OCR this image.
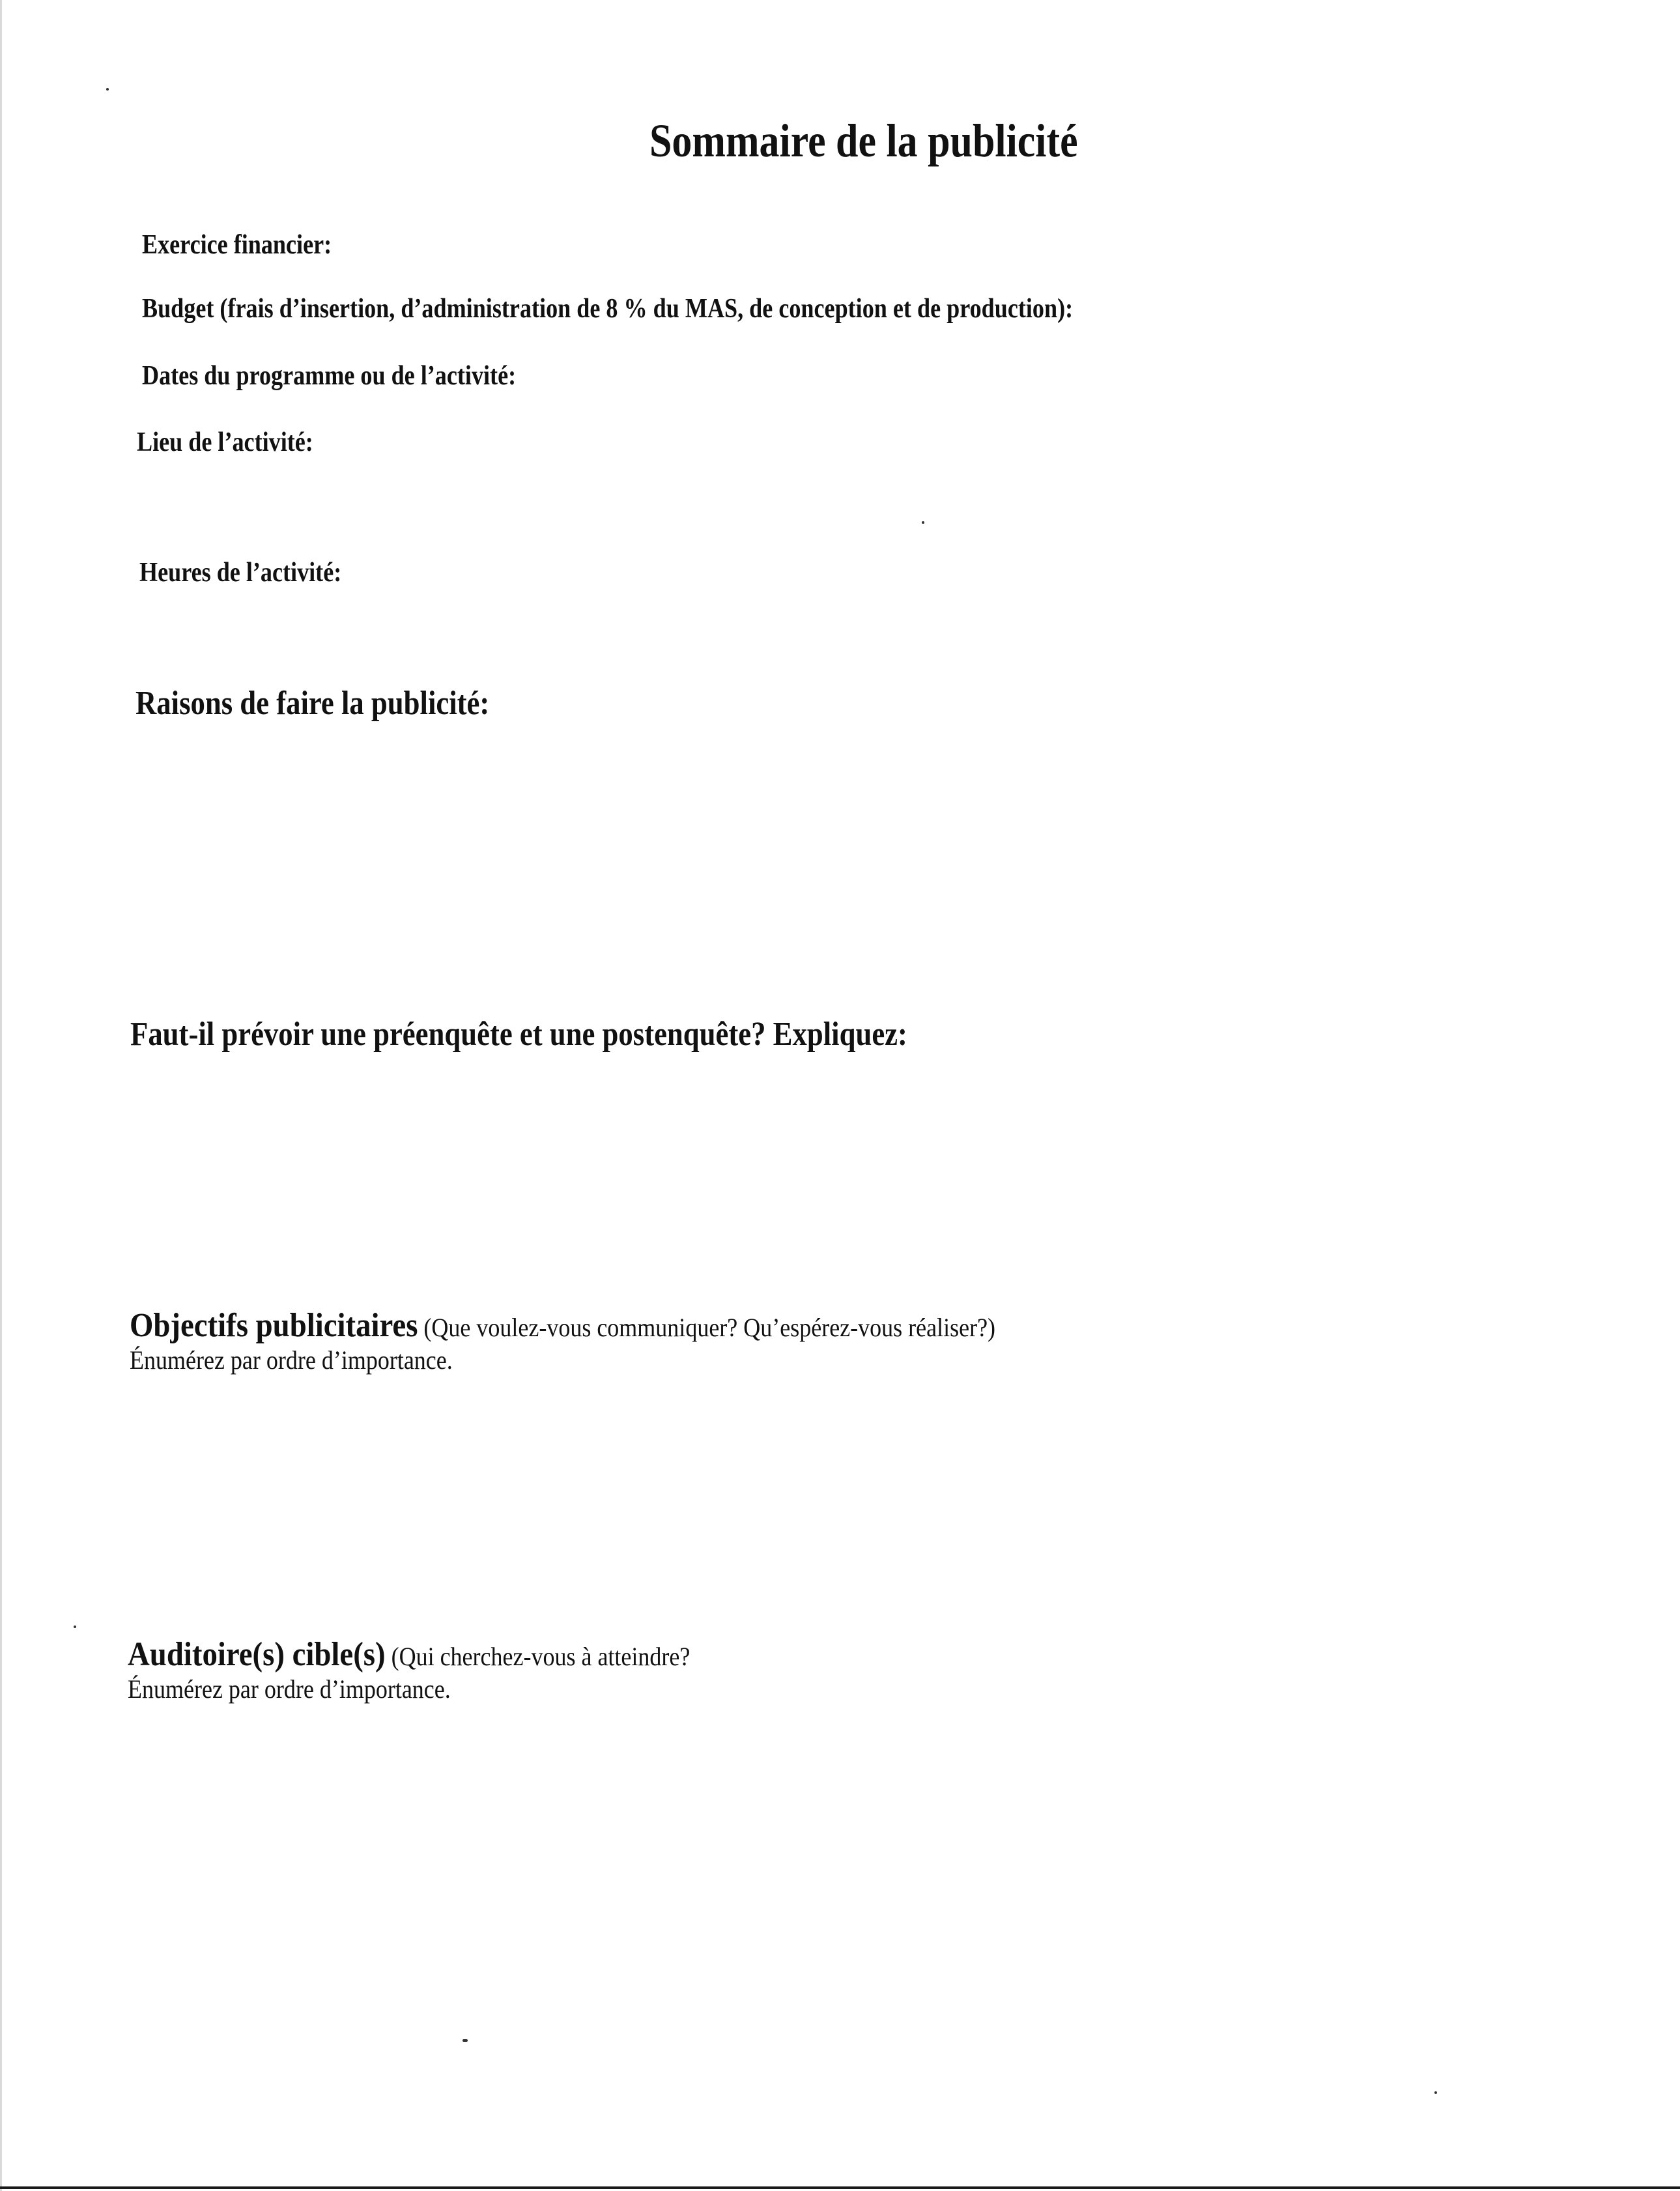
Sommaire de la publicité

Exercice financier:

Budget (frais d’insertion, d’administration de 8 % du MAS, de conception et de production):

Dates du programme ou de l’activité:

Lieu de l’activité:

Heures de l’activité:

Raisons de faire la publicité:
Faut-il prévoir une préenquête et une postenquête? Expliquez:
Objectifs publicitaires (Que voulez-vous communiquer? Qu’espérez-vous réaliser?)
Énumérez par ordre d’importance.
Auditoire(s) cible(s) (Qui cherchez-vous à atteindre?
Énumérez par ordre d’importance.
